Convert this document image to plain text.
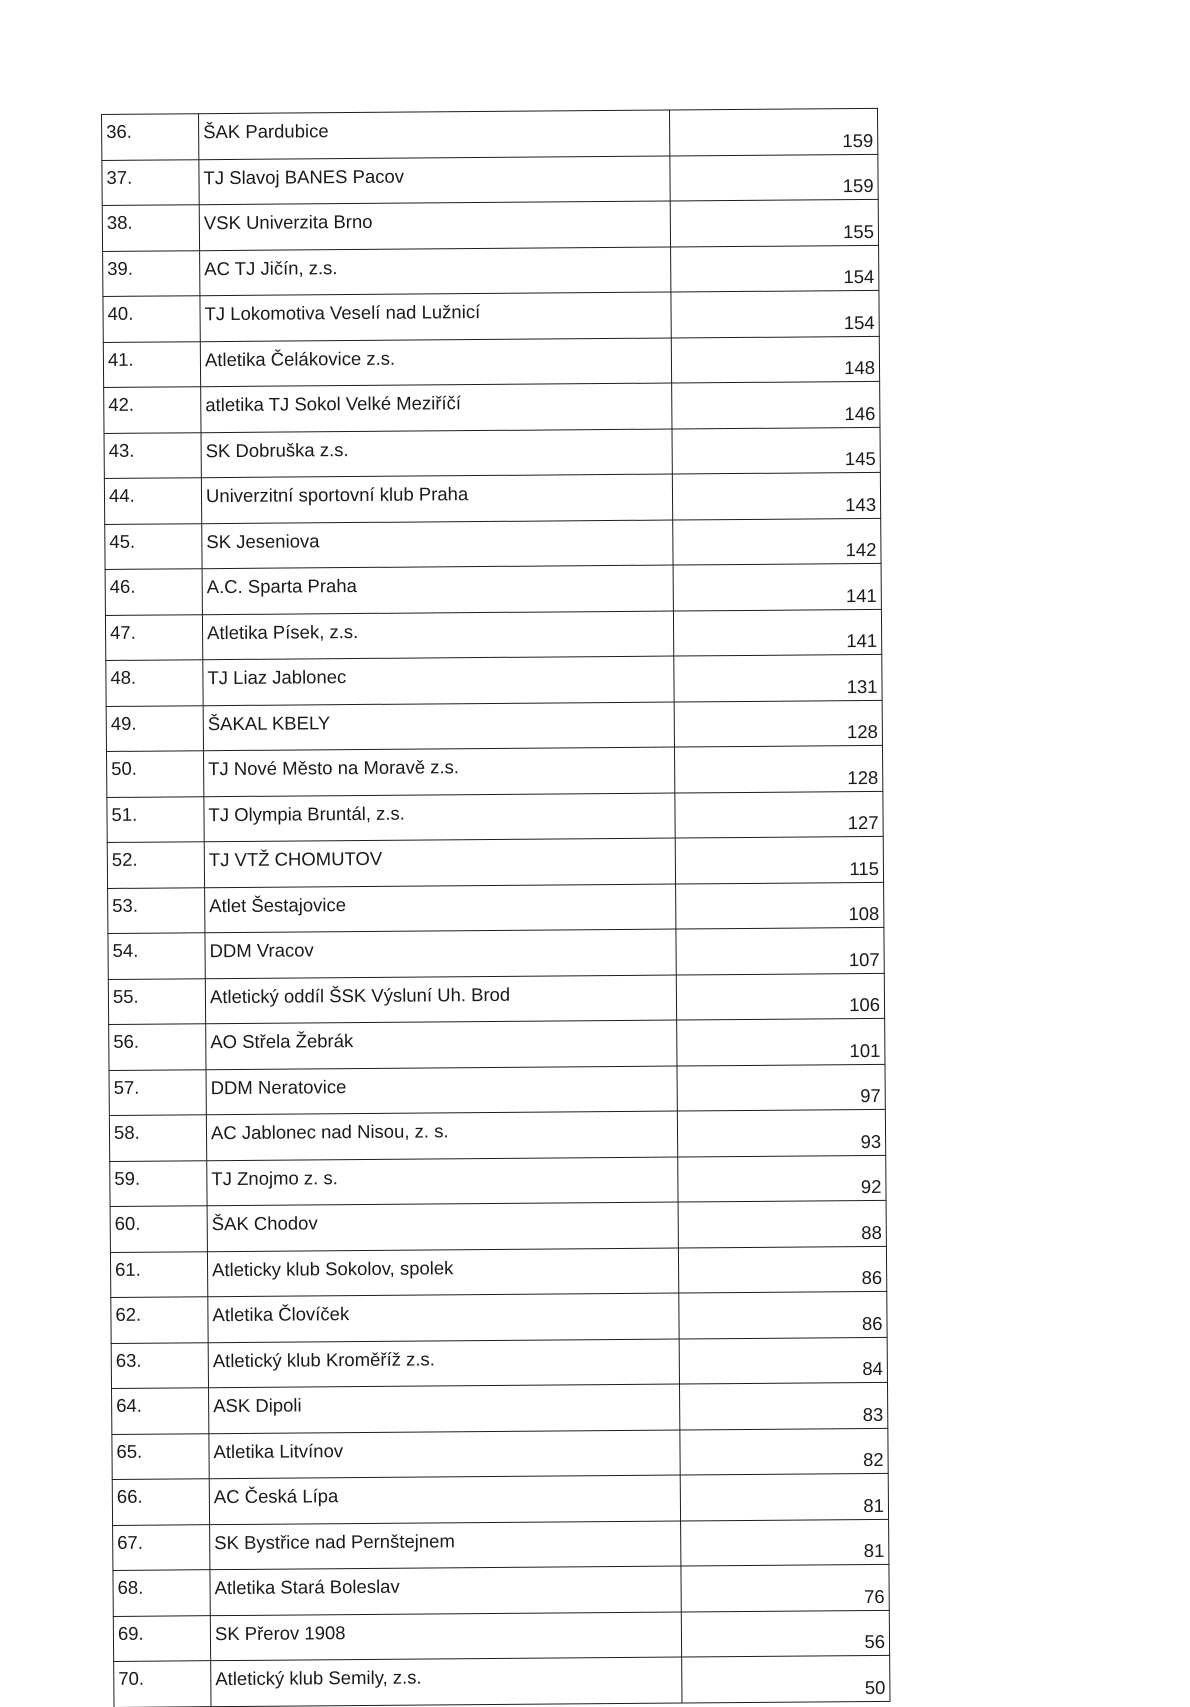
36.	ŠAK Pardubice	159
37.	TJ Slavoj BANES Pacov	159
38.	VSK Univerzita Brno	155
39.	AC TJ Jičín, z.s.	154
40.	TJ Lokomotiva Veselí nad Lužnicí	154
41.	Atletika Čelákovice z.s.	148
42.	atletika TJ Sokol Velké Meziříčí	146
43.	SK Dobruška z.s.	145
44.	Univerzitní sportovní klub Praha	143
45.	SK Jeseniova	142
46.	A.C. Sparta Praha	141
47.	Atletika Písek, z.s.	141
48.	TJ Liaz Jablonec	131
49.	ŠAKAL KBELY	128
50.	TJ Nové Město na Moravě z.s.	128
51.	TJ Olympia Bruntál, z.s.	127
52.	TJ VTŽ CHOMUTOV	115
53.	Atlet Šestajovice	108
54.	DDM Vracov	107
55.	Atletický oddíl ŠSK Výsluní Uh. Brod	106
56.	AO Střela Žebrák	101
57.	DDM Neratovice	97
58.	AC Jablonec nad Nisou, z. s.	93
59.	TJ Znojmo z. s.	92
60.	ŠAK Chodov	88
61.	Atleticky klub Sokolov, spolek	86
62.	Atletika Človíček	86
63.	Atletický klub Kroměříž z.s.	84
64.	ASK Dipoli	83
65.	Atletika Litvínov	82
66.	AC Česká Lípa	81
67.	SK Bystřice nad Pernštejnem	81
68.	Atletika Stará Boleslav	76
69.	SK Přerov 1908	56
70.	Atletický klub Semily, z.s.	50
